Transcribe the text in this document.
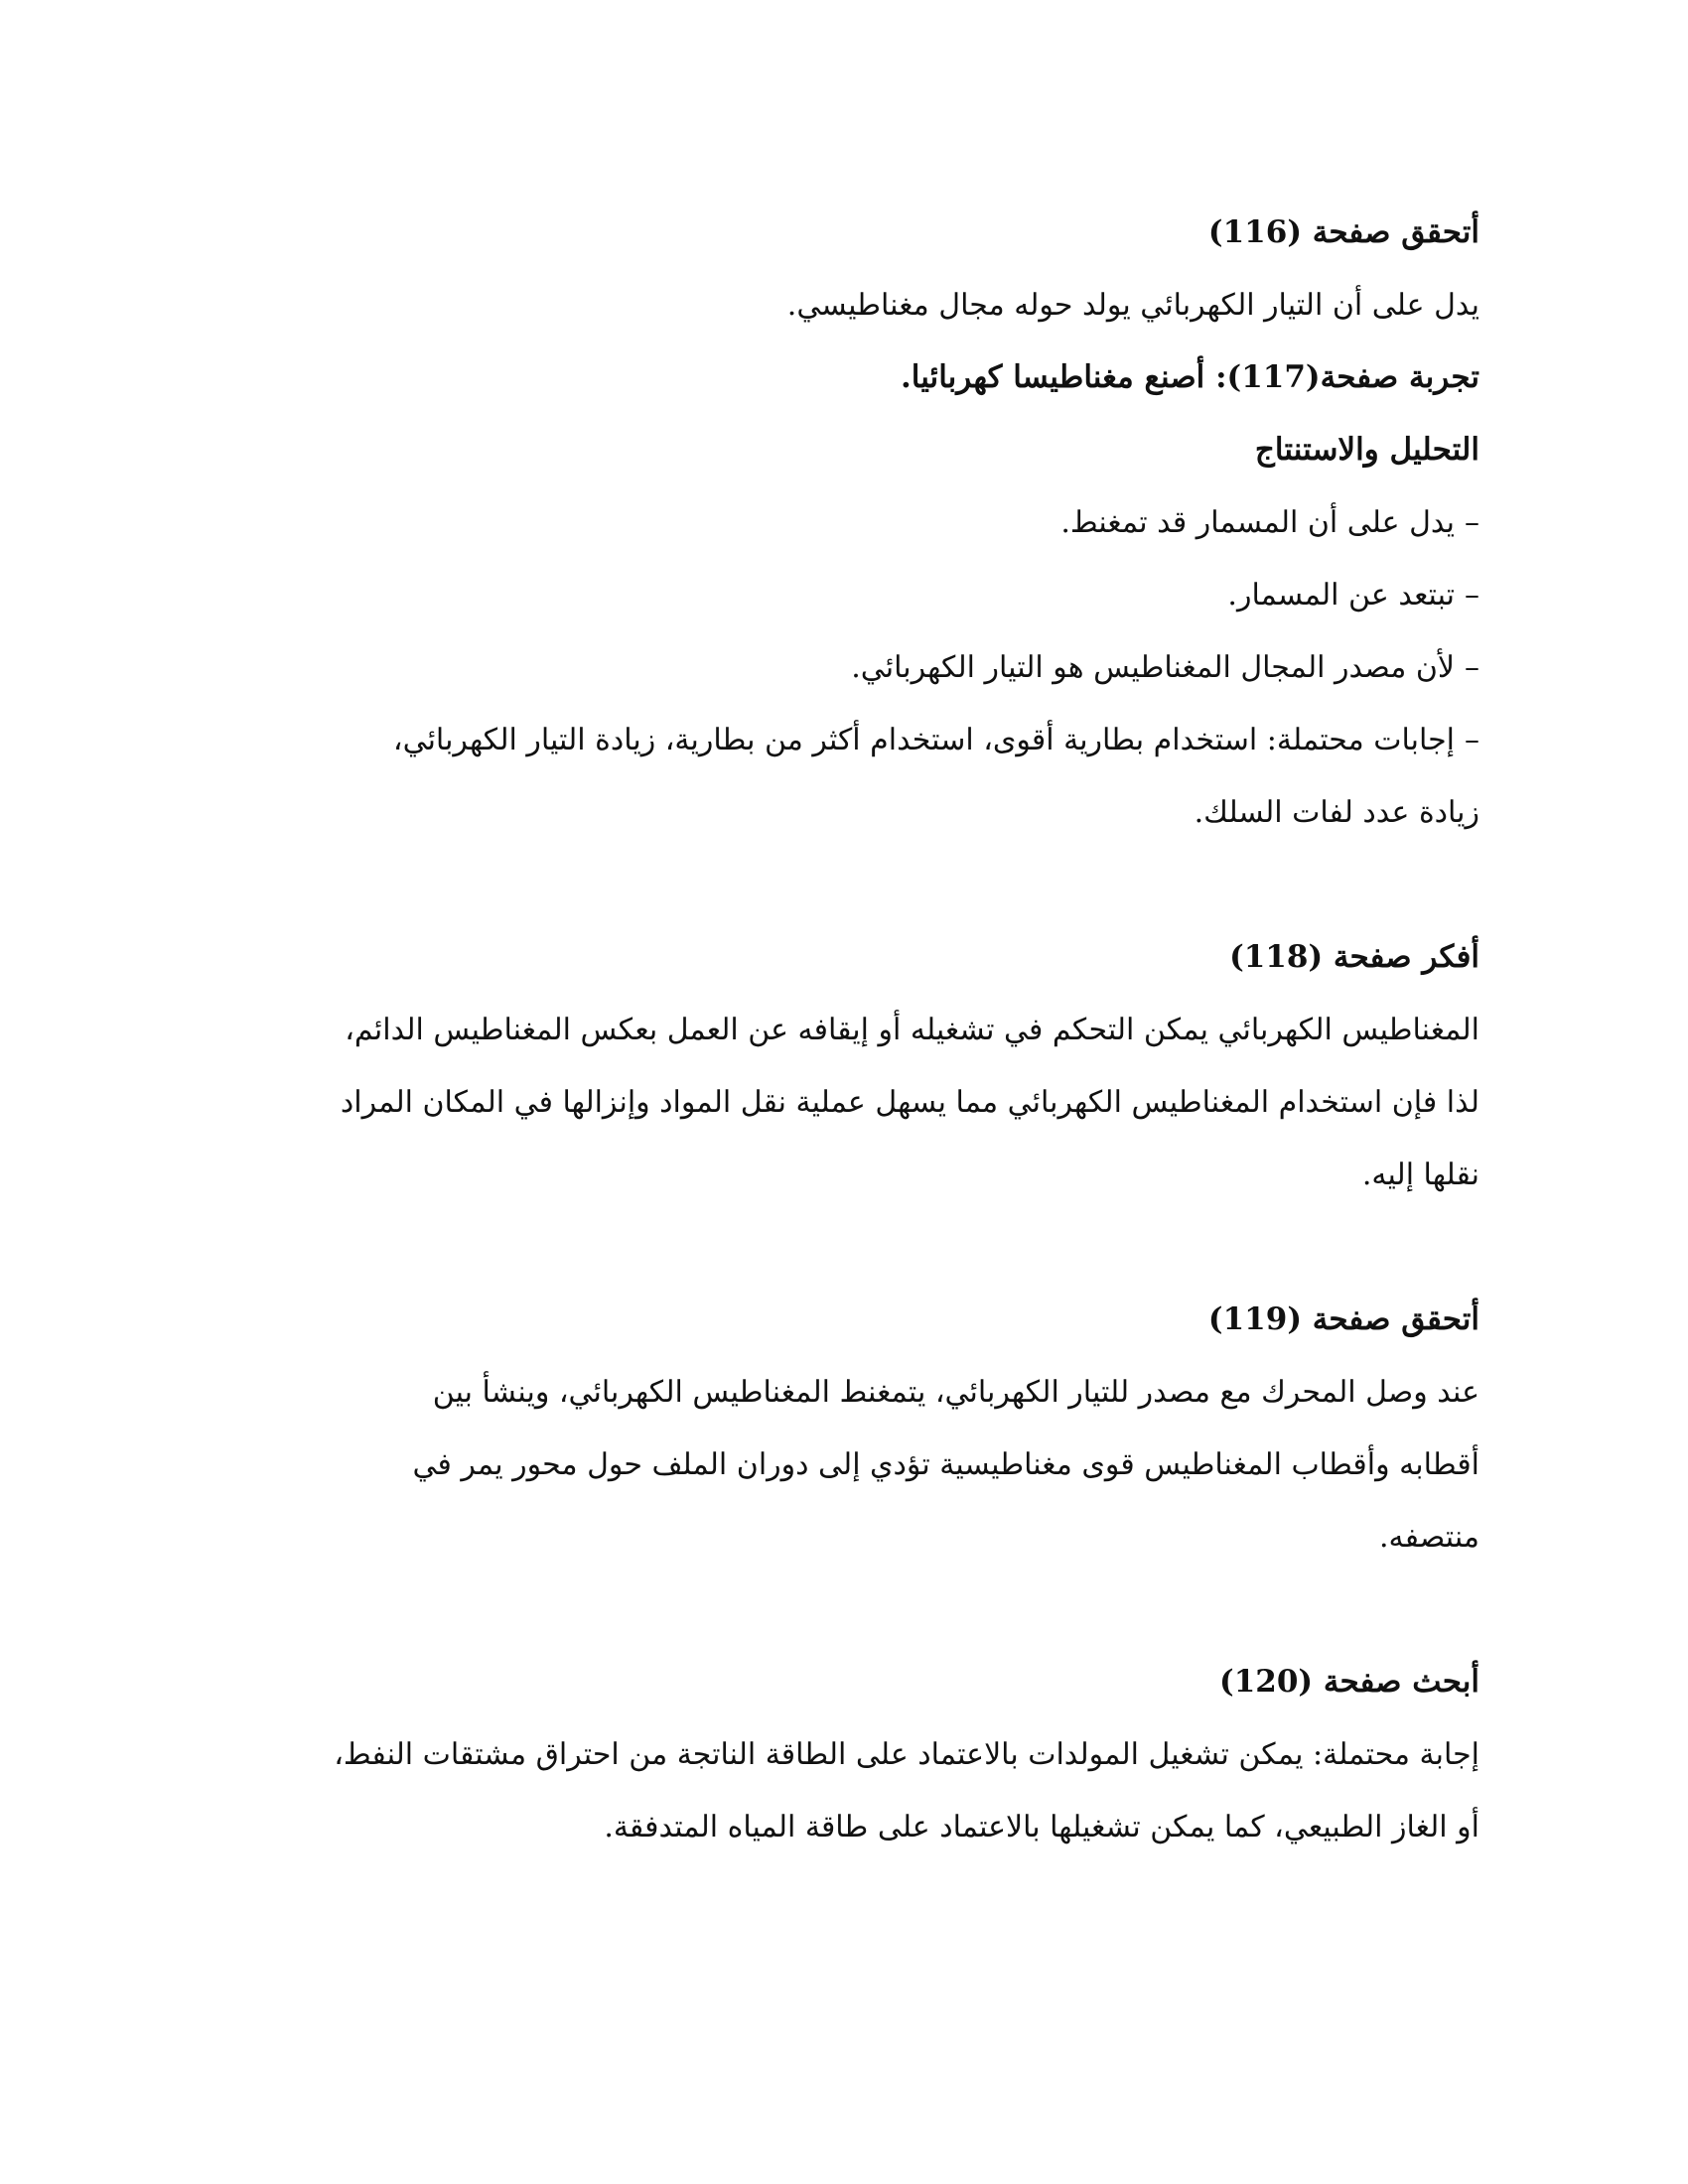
أتحقق صفحة (116)

يدل على أن التيار الكهربائي يولد حوله مجال مغناطيسي.

تجربة صفحة(117): أصنع مغناطيسا كهربائيا.

التحليل والاستنتاج

–يدل على أن المسمار قد تمغنط.

–تبتعد عن المسمار.

–لأن مصدر المجال المغناطيس هو التيار الكهربائي.

–إجابات محتملة: استخدام بطارية أقوى، استخدام أكثر من بطارية، زيادة التيار الكهربائي،

زيادة عدد لفات السلك.

أفكر صفحة (118)

المغناطيس الكهربائي يمكن التحكم في تشغيله أو إيقافه عن العمل بعكس المغناطيس الدائم،

لذا فإن استخدام المغناطيس الكهربائي مما يسهل عملية نقل المواد وإنزالها في المكان المراد

نقلها إليه.

أتحقق صفحة (119)

عند وصل المحرك مع مصدر للتيار الكهربائي، يتمغنط المغناطيس الكهربائي، وينشأ بين

أقطابه وأقطاب المغناطيس قوى مغناطيسية تؤدي إلى دوران الملف حول محور يمر في

منتصفه.

أبحث صفحة (120)

إجابة محتملة: يمكن تشغيل المولدات بالاعتماد على الطاقة الناتجة من احتراق مشتقات النفط،

أو الغاز الطبيعي، كما يمكن تشغيلها بالاعتماد على طاقة المياه المتدفقة.
